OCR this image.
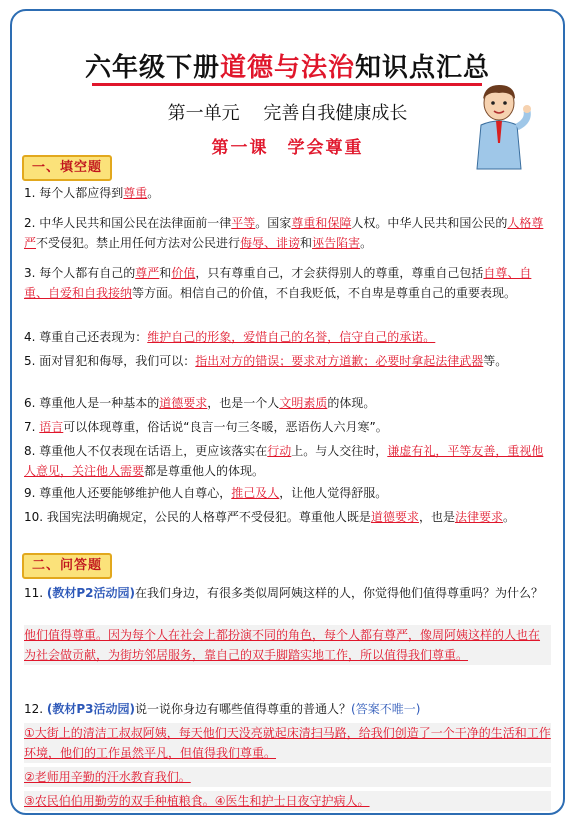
六年级下册道德与法治知识点汇总
第一单元　 完善自我健康成长
第一课　学会尊重
一、填空题
1. 每个人都应得到尊重。
2. 中华人民共和国公民在法律面前一律平等。国家尊重和保障人权。中华人民共和国公民的人格尊严不受侵犯。禁止用任何方法对公民进行侮辱、诽谤和诬告陷害。
3. 每个人都有自己的尊严和价值，只有尊重自己，才会获得别人的尊重，尊重自己包括自尊、自重、自爱和自我接纳等方面。相信自己的价值，不自我贬低，不自卑是尊重自己的重要表现。
4. 尊重自己还表现为：维护自己的形象，爱惜自己的名誉，信守自己的承诺。
5. 面对冒犯和侮辱，我们可以：指出对方的错误；要求对方道歉；必要时拿起法律武器等。
6. 尊重他人是一种基本的道德要求，也是一个人文明素质的体现。
7. 语言可以体现尊重，俗话说“良言一句三冬暖，恶语伤人六月寒”。
8. 尊重他人不仅表现在话语上，更应该落实在行动上。与人交往时，谦虚有礼，平等友善，重视他人意见，关注他人需要都是尊重他人的体现。
9. 尊重他人还要能够维护他人自尊心，推己及人，让他人觉得舒服。
10. 我国宪法明确规定，公民的人格尊严不受侵犯。尊重他人既是道德要求，也是法律要求。
二、问答题
11. (教材P2活动园)在我们身边，有很多类似周阿姨这样的人，你觉得他们值得尊重吗？为什么？
他们值得尊重。因为每个人在社会上都扮演不同的角色，每个人都有尊严，像周阿姨这样的人也在为社会做贡献，为街坊邻居服务，靠自己的双手脚踏实地工作，所以值得我们尊重。
12. (教材P3活动园)说一说你身边有哪些值得尊重的普通人？(答案不唯一)
①大街上的清洁工叔叔阿姨，每天他们天没亮就起床清扫马路，给我们创造了一个干净的生活和工作环境，他们的工作虽然平凡，但值得我们尊重。
②老师用辛勤的汗水教育我们。
③农民伯伯用勤劳的双手种植粮食。④医生和护士日夜守护病人。
